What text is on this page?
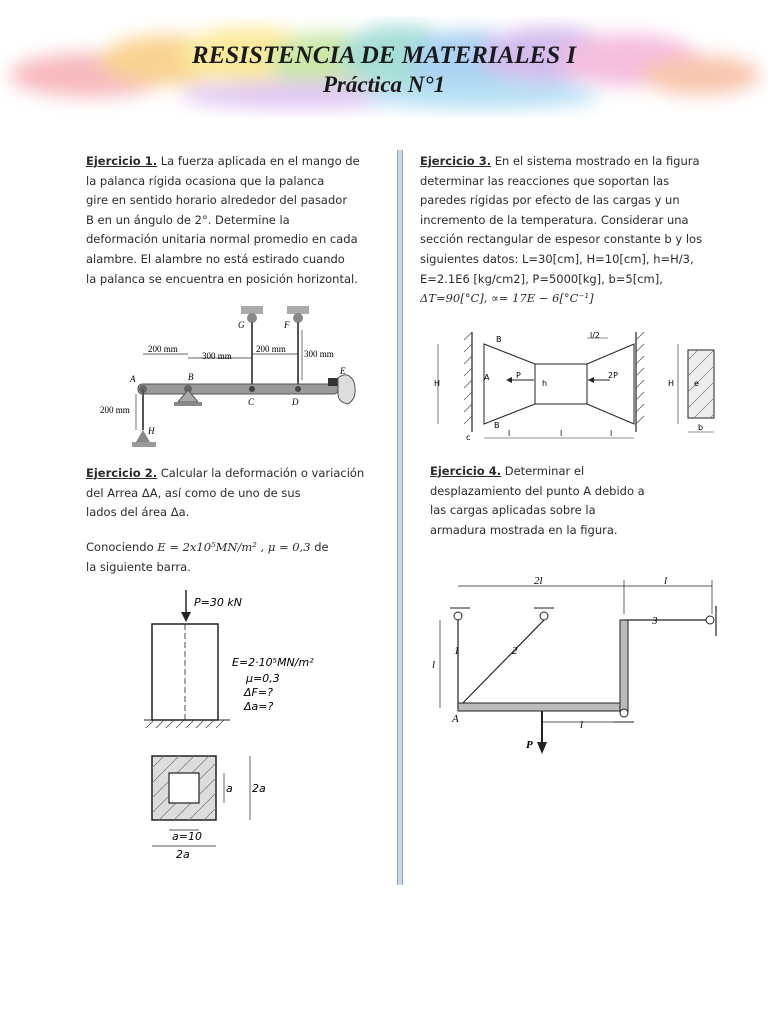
RESISTENCIA DE MATERIALES I
Práctica N°1
Ejercicio 1. La fuerza aplicada en el mango de
la palanca rígida ocasiona que la palanca
gire en sentido horario alrededor del pasador
B en un ángulo de 2°. Determine la
deformación unitaria normal promedio en cada
alambre. El alambre no está estirado cuando
la palanca se encuentra en posición horizontal.
G	F
200 mm
300 mm
200 mm 300 mm
200 mm
A	B
C	D
E
H
Ejercicio 2. Calcular la deformación o variación
del Arrea ΔA, así como de uno de sus
lados del área Δa.
Conociendo E = 2x10⁵MN/m² , μ = 0,3 de
la siguiente barra.
P=30 kN
E=2·10⁵MN/m²
μ=0,3
ΔF=?
Δa=?
a=10
2a
a 2a
Ejercicio 3. En el sistema mostrado en la figura
determinar las reacciones que soportan las
paredes rígidas por efecto de las cargas y un
incremento de la temperatura. Considerar una
sección rectangular de espesor constante b y los
siguientes datos: L=30[cm], H=10[cm], h=H/3,
E=2.1E6 [kg/cm2], P=5000[kg], b=5[cm],
ΔT=90[°C], ∝= 17E − 6[°C⁻¹]
P	2P
A
h
B
B
H	H
l/2
l	l	l
c
e
b
Ejercicio 4. Determinar el
desplazamiento del punto A debido a
las cargas aplicadas sobre la
armadura mostrada en la figura.
2l	l
1	2
3
A
l
P
l
